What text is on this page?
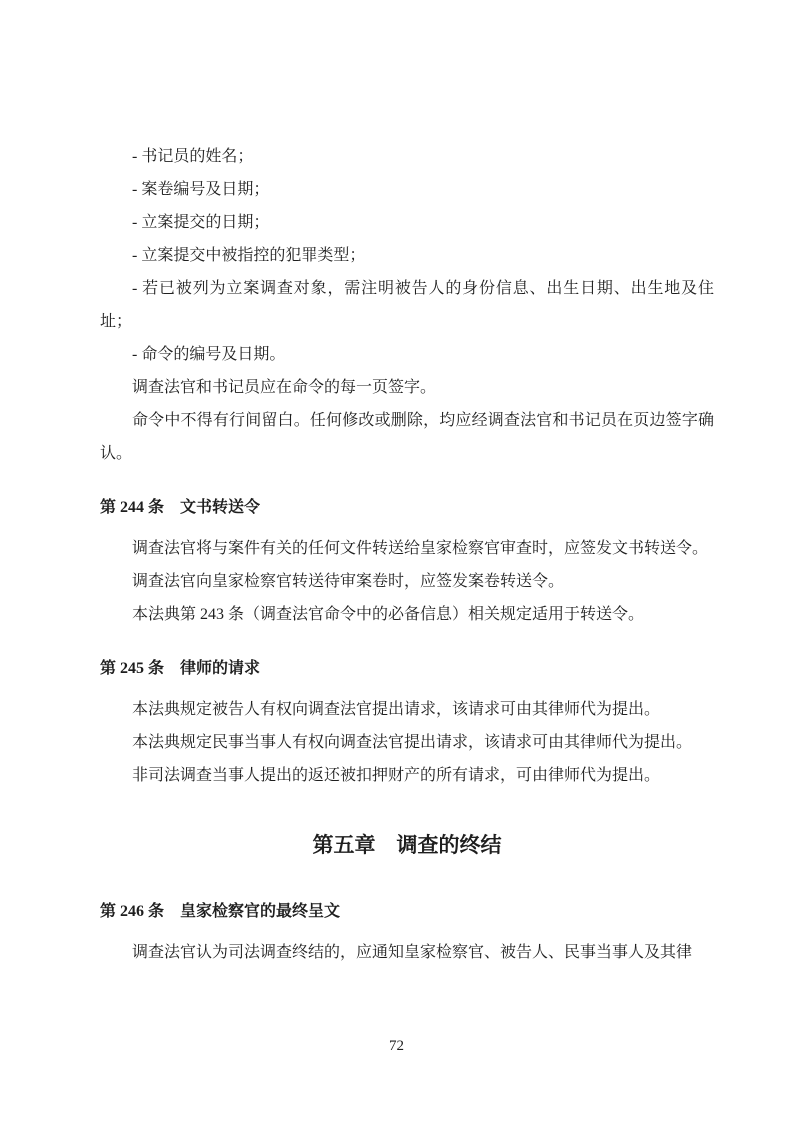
- 书记员的姓名；

- 案卷编号及日期；

- 立案提交的日期；

- 立案提交中被指控的犯罪类型；

- 若已被列为立案调查对象，需注明被告人的身份信息、出生日期、出生地及住址；

- 命令的编号及日期。

调查法官和书记员应在命令的每一页签字。

命令中不得有行间留白。任何修改或删除，均应经调查法官和书记员在页边签字确认。

第 244 条　文书转送令

调查法官将与案件有关的任何文件转送给皇家检察官审查时，应签发文书转送令。

调查法官向皇家检察官转送待审案卷时，应签发案卷转送令。

本法典第 243 条（调查法官命令中的必备信息）相关规定适用于转送令。

第 245 条　律师的请求

本法典规定被告人有权向调查法官提出请求，该请求可由其律师代为提出。

本法典规定民事当事人有权向调查法官提出请求，该请求可由其律师代为提出。

非司法调查当事人提出的返还被扣押财产的所有请求，可由律师代为提出。

第五章　调查的终结
第 246 条　皇家检察官的最终呈文

调查法官认为司法调查终结的，应通知皇家检察官、被告人、民事当事人及其律

72
